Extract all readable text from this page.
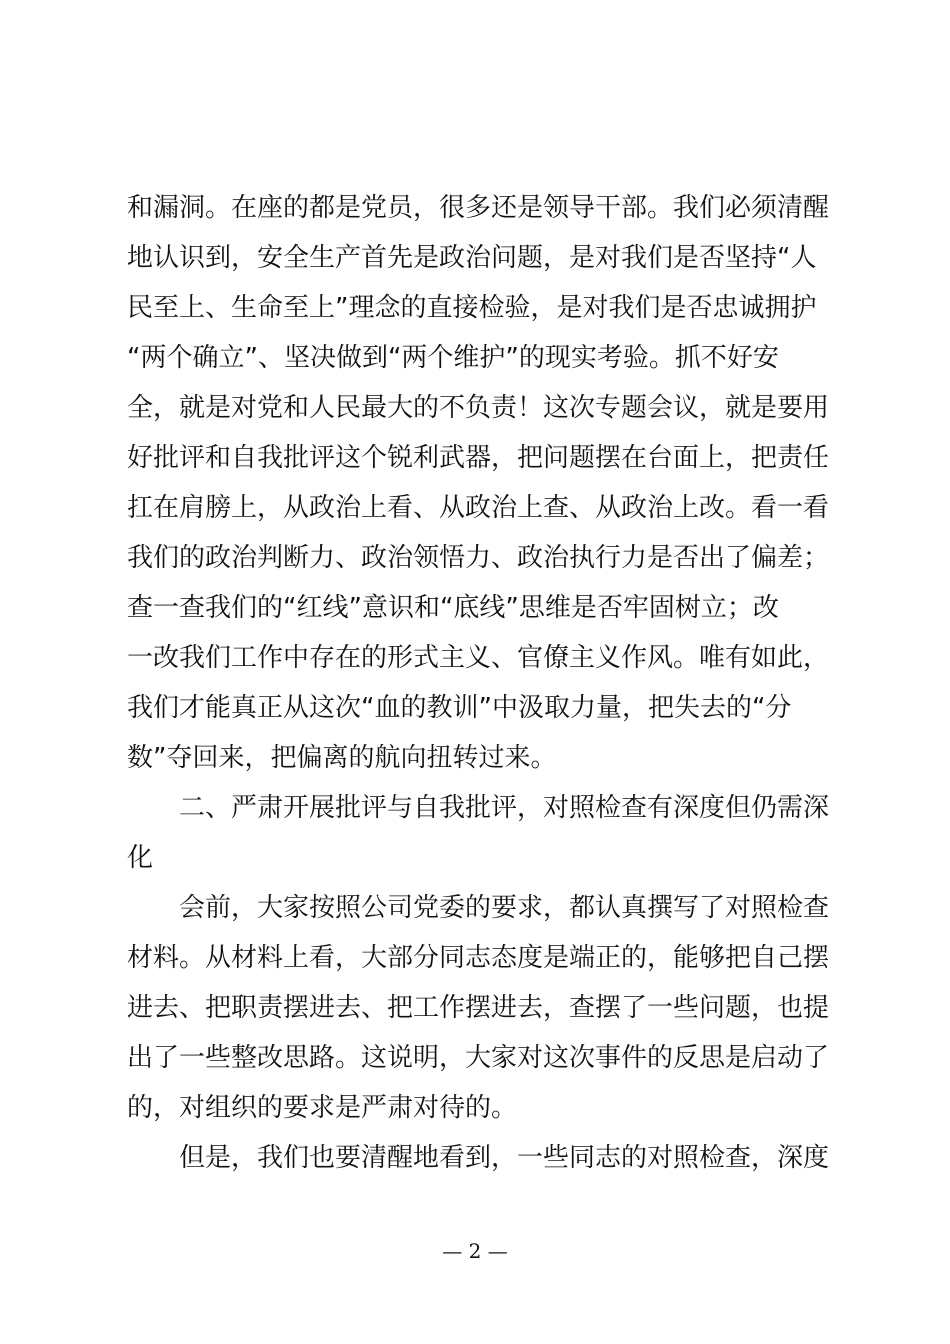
和漏洞。在座的都是党员，很多还是领导干部。我们必须清醒
地认识到，安全生产首先是政治问题，是对我们是否坚持“人
民至上、生命至上”理念的直接检验，是对我们是否忠诚拥护
“两个确立”、坚决做到“两个维护”的现实考验。抓不好安
全，就是对党和人民最大的不负责！这次专题会议，就是要用
好批评和自我批评这个锐利武器，把问题摆在台面上，把责任
扛在肩膀上，从政治上看、从政治上查、从政治上改。看一看
我们的政治判断力、政治领悟力、政治执行力是否出了偏差；
查一查我们的“红线”意识和“底线”思维是否牢固树立；改
一改我们工作中存在的形式主义、官僚主义作风。唯有如此，
我们才能真正从这次“血的教训”中汲取力量，把失去的“分
数”夺回来，把偏离的航向扭转过来。
　　二、严肃开展批评与自我批评，对照检查有深度但仍需深
化
　　会前，大家按照公司党委的要求，都认真撰写了对照检查
材料。从材料上看，大部分同志态度是端正的，能够把自己摆
进去、把职责摆进去、把工作摆进去，查摆了一些问题，也提
出了一些整改思路。这说明，大家对这次事件的反思是启动了
的，对组织的要求是严肃对待的。
　　但是，我们也要清醒地看到，一些同志的对照检查，深度
— 2 —
